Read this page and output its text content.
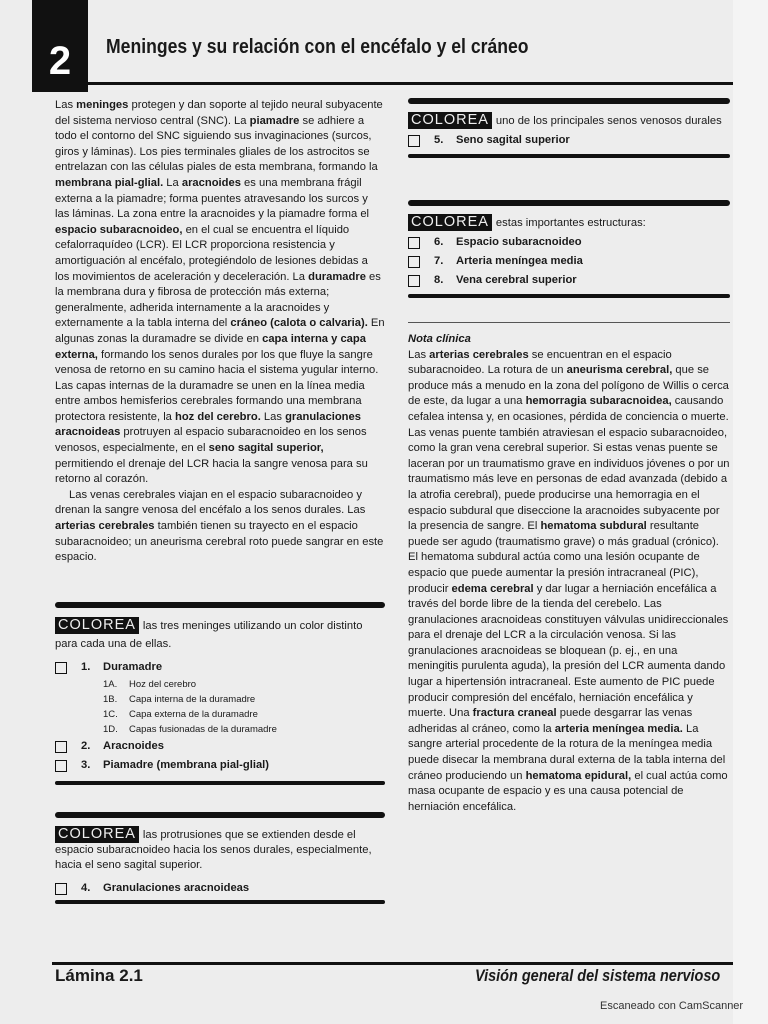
2	Meninges y su relación con el encéfalo y el cráneo

Las meninges protegen y dan soporte al tejido neural subyacente del sistema nervioso central (SNC). La piamadre se adhiere a todo el contorno del SNC siguiendo sus invaginaciones (surcos, giros y láminas). Los pies terminales gliales de los astrocitos se entrelazan con las células piales de esta membrana, formando la membrana pial-glial. La aracnoides es una membrana frágil externa a la piamadre; forma puentes atravesando los surcos y las láminas. La zona entre la aracnoides y la piamadre forma el espacio subaracnoideo, en el cual se encuentra el líquido cefalorraquídeo (LCR). El LCR proporciona resistencia y amortiguación al encéfalo, protegiéndolo de lesiones debidas a los movimientos de aceleración y deceleración. La duramadre es la membrana dura y fibrosa de protección más externa; generalmente, adherida internamente a la aracnoides y externamente a la tabla interna del cráneo (calota o calvaria). En algunas zonas la duramadre se divide en capa interna y capa externa, formando los senos durales por los que fluye la sangre venosa de retorno en su camino hacia el sistema yugular interno. Las capas internas de la duramadre se unen en la línea media entre ambos hemisferios cerebrales formando una membrana protectora resistente, la hoz del cerebro. Las granulaciones aracnoideas protruyen al espacio subaracnoideo en los senos venosos, especialmente, en el seno sagital superior, permitiendo el drenaje del LCR hacia la sangre venosa para su retorno al corazón.

Las venas cerebrales viajan en el espacio subaracnoideo y drenan la sangre venosa del encéfalo a los senos durales. Las arterias cerebrales también tienen su trayecto en el espacio subaracnoideo; un aneurisma cerebral roto puede sangrar en este espacio.

COLOREA las tres meninges utilizando un color distinto para cada una de ellas.
1.	Duramadre
1A. Hoz del cerebro
1B. Capa interna de la duramadre
1C. Capa externa de la duramadre
1D. Capas fusionadas de la duramadre
2.	Aracnoides
3.	Piamadre (membrana pial-glial)
COLOREA las protrusiones que se extienden desde el espacio subaracnoideo hacia los senos durales, especialmente, hacia el seno sagital superior.
4.	Granulaciones aracnoideas
COLOREA uno de los principales senos venosos durales
5.	Seno sagital superior
COLOREA estas importantes estructuras:
6.	Espacio subaracnoideo
7.	Arteria meníngea media
8.	Vena cerebral superior
Nota clínica
Las arterias cerebrales se encuentran en el espacio subaracnoideo. La rotura de un aneurisma cerebral, que se produce más a menudo en la zona del polígono de Willis o cerca de este, da lugar a una hemorragia subaracnoidea, causando cefalea intensa y, en ocasiones, pérdida de conciencia o muerte. Las venas puente también atraviesan el espacio subaracnoideo, como la gran vena cerebral superior. Si estas venas puente se laceran por un traumatismo grave en individuos jóvenes o por un traumatismo más leve en personas de edad avanzada (debido a la atrofia cerebral), puede producirse una hemorragia en el espacio subdural que diseccione la aracnoides subyacente por la presencia de sangre. El hematoma subdural resultante puede ser agudo (traumatismo grave) o más gradual (crónico). El hematoma subdural actúa como una lesión ocupante de espacio que puede aumentar la presión intracraneal (PIC), producir edema cerebral y dar lugar a herniación encefálica a través del borde libre de la tienda del cerebelo. Las granulaciones aracnoideas constituyen válvulas unidireccionales para el drenaje del LCR a la circulación venosa. Si las granulaciones aracnoideas se bloquean (p. ej., en una meningitis purulenta aguda), la presión del LCR aumenta dando lugar a hipertensión intracraneal. Este aumento de PIC puede producir compresión del encéfalo, herniación encefálica y muerte. Una fractura craneal puede desgarrar las venas adheridas al cráneo, como la arteria meníngea media. La sangre arterial procedente de la rotura de la meníngea media puede disecar la membrana dural externa de la tabla interna del cráneo produciendo un hematoma epidural, el cual actúa como masa ocupante de espacio y es una causa potencial de herniación encefálica.
Lámina 2.1	Visión general del sistema nervioso
Escaneado con CamScanner
